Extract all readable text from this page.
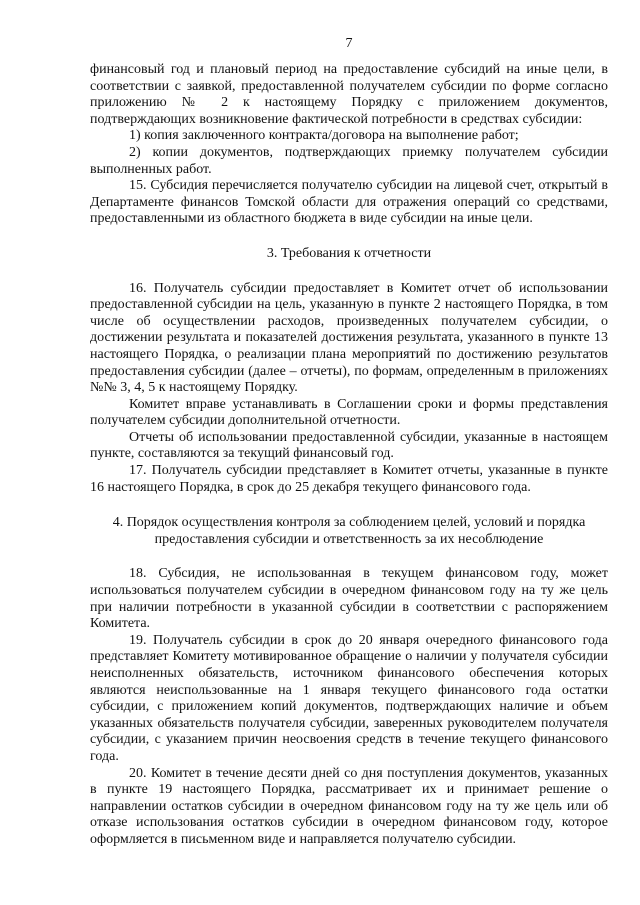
7

финансовый год и плановый период на предоставление субсидий на иные цели, в соответствии с заявкой, предоставленной получателем субсидии по форме согласно приложению № 2 к настоящему Порядку с приложением документов, подтверждающих возникновение фактической потребности в средствах субсидии:

1) копия заключенного контракта/договора на выполнение работ;

2) копии документов, подтверждающих приемку получателем субсидии выполненных работ.

15. Субсидия перечисляется получателю субсидии на лицевой счет, открытый в Департаменте финансов Томской области для отражения операций со средствами, предоставленными из областного бюджета в виде субсидии на иные цели.

3. Требования к отчетности

16. Получатель субсидии предоставляет в Комитет отчет об использовании предоставленной субсидии на цель, указанную в пункте 2 настоящего Порядка, в том числе об осуществлении расходов, произведенных получателем субсидии, о достижении результата и показателей достижения результата, указанного в пункте 13 настоящего Порядка, о реализации плана мероприятий по достижению результатов предоставления субсидии (далее – отчеты), по формам, определенным в приложениях №№ 3, 4, 5 к настоящему Порядку.

Комитет вправе устанавливать в Соглашении сроки и формы представления получателем субсидии дополнительной отчетности.

Отчеты об использовании предоставленной субсидии, указанные в настоящем пункте, составляются за текущий финансовый год.

17. Получатель субсидии представляет в Комитет отчеты, указанные в пункте 16 настоящего Порядка, в срок до 25 декабря текущего финансового года.

4. Порядок осуществления контроля за соблюдением целей, условий и порядка
предоставления субсидии и ответственность за их несоблюдение

18. Субсидия, не использованная в текущем финансовом году, может использоваться получателем субсидии в очередном финансовом году на ту же цель при наличии потребности в указанной субсидии в соответствии с распоряжением Комитета.

19. Получатель субсидии в срок до 20 января очередного финансового года представляет Комитету мотивированное обращение о наличии у получателя субсидии неисполненных обязательств, источником финансового обеспечения которых являются неиспользованные на 1 января текущего финансового года остатки субсидии, с приложением копий документов, подтверждающих наличие и объем указанных обязательств получателя субсидии, заверенных руководителем получателя субсидии, с указанием причин неосвоения средств в течение текущего финансового года.

20. Комитет в течение десяти дней со дня поступления документов, указанных в пункте 19 настоящего Порядка, рассматривает их и принимает решение о направлении остатков субсидии в очередном финансовом году на ту же цель или об отказе использования остатков субсидии в очередном финансовом году, которое оформляется в письменном виде и направляется получателю субсидии.
